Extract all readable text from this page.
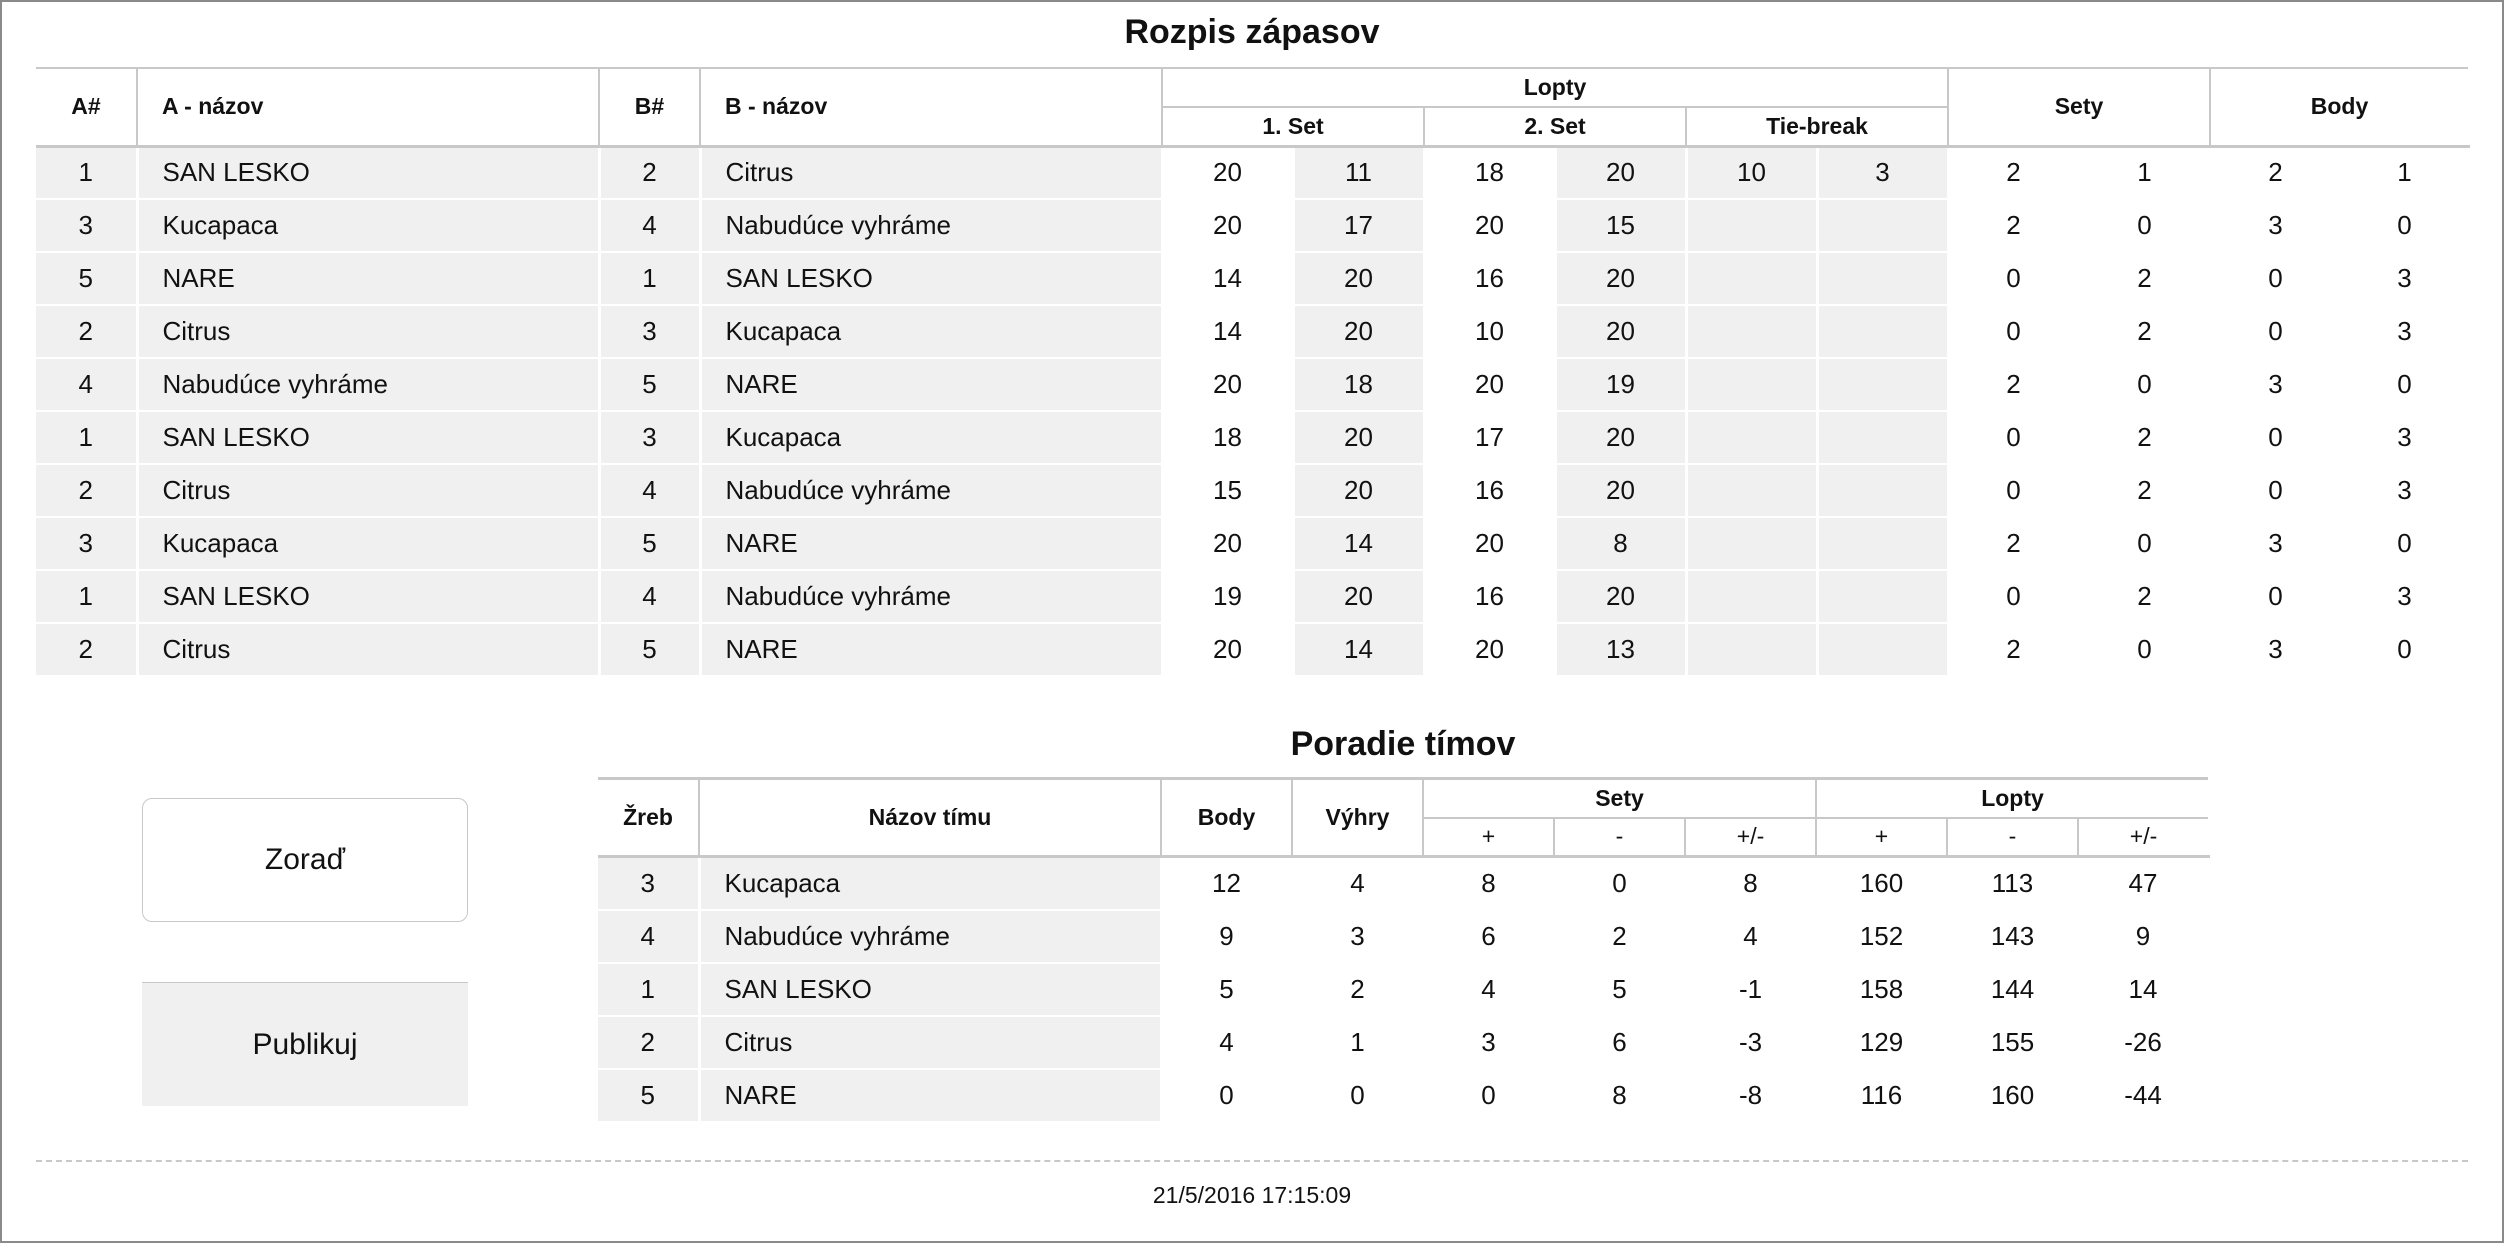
Rozpis zápasov
A#	A - názov	B#	B - názov	Lopty						Sety		Body	
				1. Set		2. Set		Tie-break					
1	SAN LESKO	2	Citrus	20	11	18	20	10	3	2	1	2	1
3	Kucapaca	4	Nabudúce vyhráme	20	17	20	15			2	0	3	0
5	NARE	1	SAN LESKO	14	20	16	20			0	2	0	3
2	Citrus	3	Kucapaca	14	20	10	20			0	2	0	3
4	Nabudúce vyhráme	5	NARE	20	18	20	19			2	0	3	0
1	SAN LESKO	3	Kucapaca	18	20	17	20			0	2	0	3
2	Citrus	4	Nabudúce vyhráme	15	20	16	20			0	2	0	3
3	Kucapaca	5	NARE	20	14	20	8			2	0	3	0
1	SAN LESKO	4	Nabudúce vyhráme	19	20	16	20			0	2	0	3
2	Citrus	5	NARE	20	14	20	13			2	0	3	0
Poradie tímov
Žreb	Názov tímu	Body	Výhry	Sety			Lopty		
				+	-	+/-	+	-	+/-
3	Kucapaca	12	4	8	0	8	160	113	47
4	Nabudúce vyhráme	9	3	6	2	4	152	143	9
1	SAN LESKO	5	2	4	5	-1	158	144	14
2	Citrus	4	1	3	6	-3	129	155	-26
5	NARE	0	0	0	8	-8	116	160	-44
Zoraď
Publikuj
21/5/2016 17:15:09
